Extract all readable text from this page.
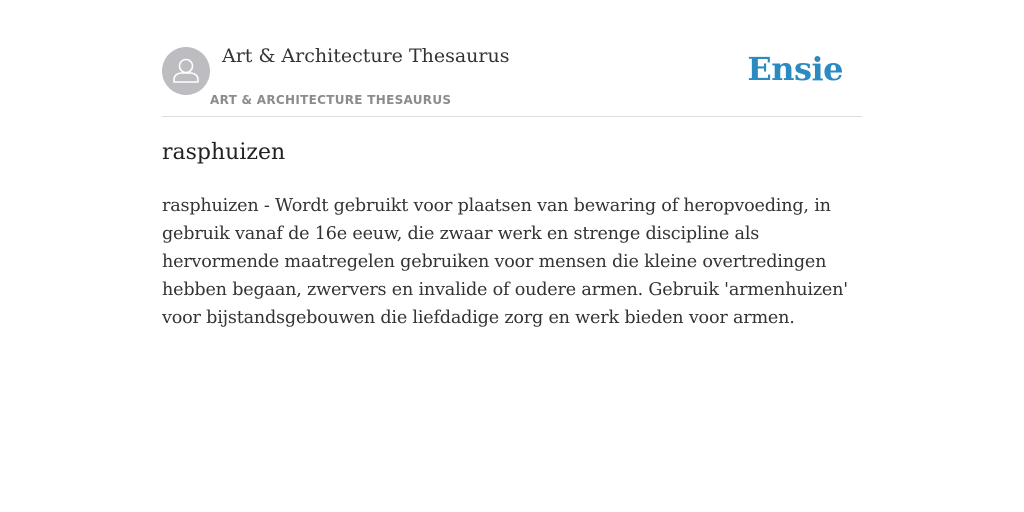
Art & Architecture Thesaurus
ART & ARCHITECTURE THESAURUS
Ensie
rasphuizen

rasphuizen - Wordt gebruikt voor plaatsen van bewaring of heropvoeding, in gebruik vanaf de 16e eeuw, die zwaar werk en strenge discipline als hervormende maatregelen gebruiken voor mensen die kleine overtredingen hebben begaan, zwervers en invalide of oudere armen. Gebruik 'armenhuizen' voor bijstandsgebouwen die liefdadige zorg en werk bieden voor armen.
